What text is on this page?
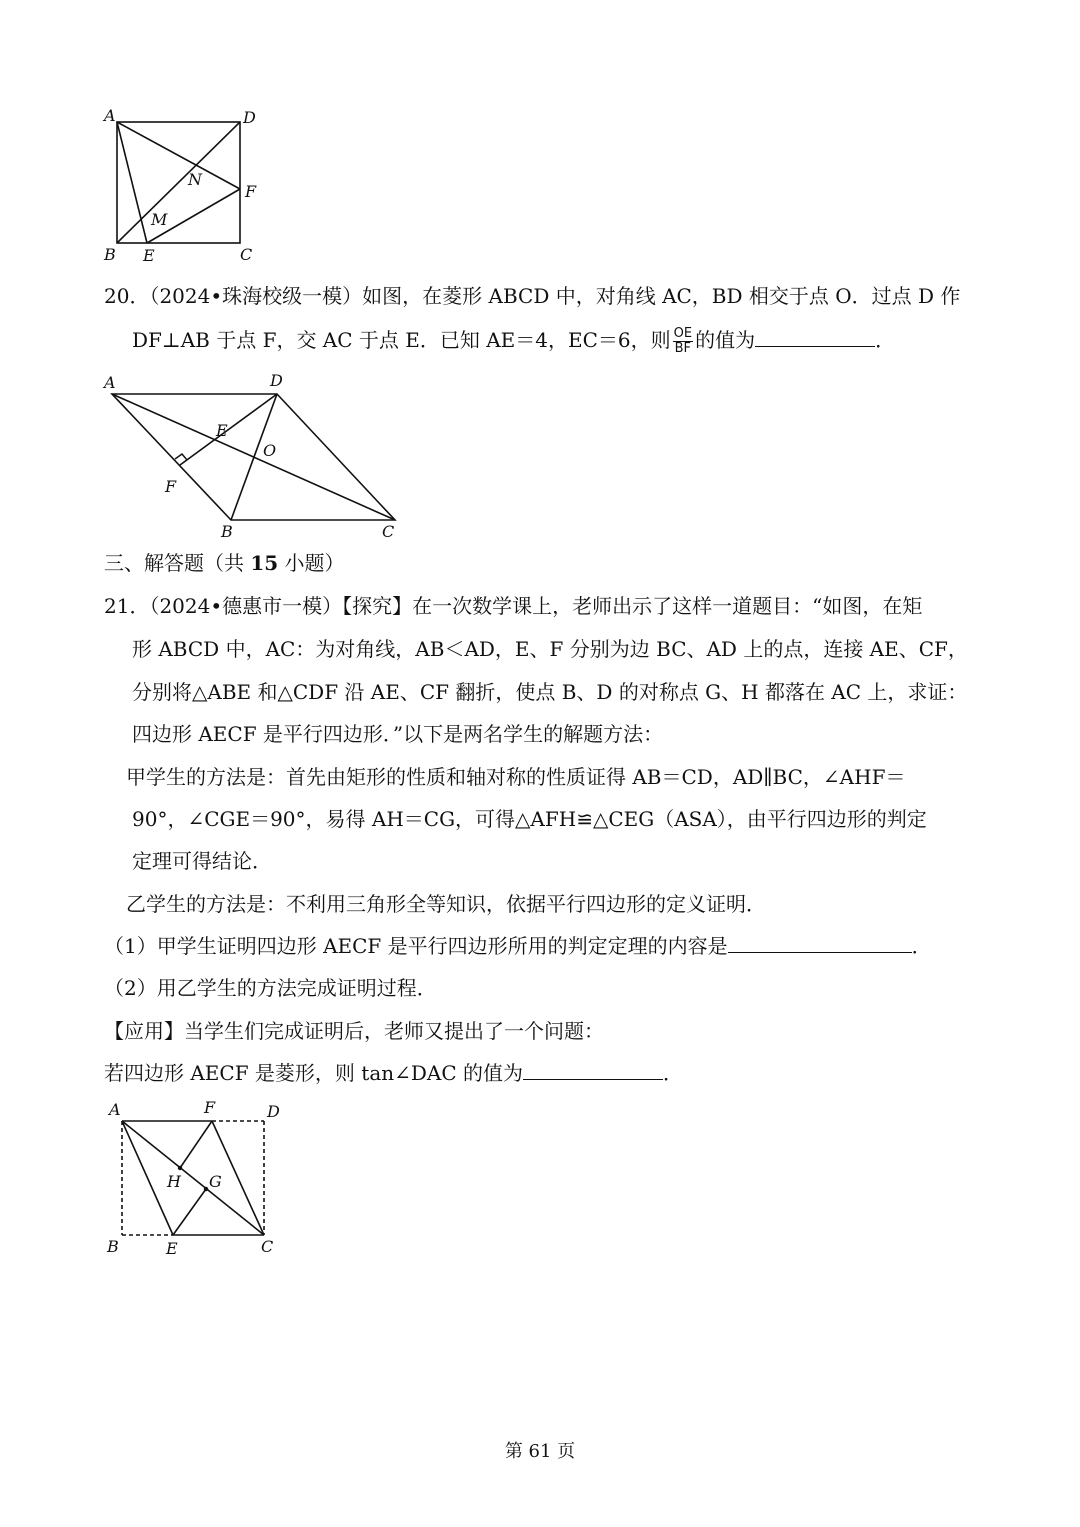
A	D
N
F
M
B E	C
20．（2024•珠海校级一模）如图，在菱形 ABCD 中，对角线 AC，BD 相交于点 O．过点 D 作
DF⊥AB 于点 F，交 AC 于点 E．已知 AE＝4，EC＝6，则 $\frac{OE}{BF}$ 的值为	．
A	D
E
O
F
B	C
三、解答题（共 15 小题）
21．（2024•德惠市一模）【探究】在一次数学课上，老师出示了这样一道题目：“如图，在矩
形 ABCD 中，AC：为对角线，AB＜AD，E、F 分别为边 BC、AD 上的点，连接 AE、CF，
分别将△ABE 和△CDF 沿 AE、CF 翻折，使点 B、D 的对称点 G、H 都落在 AC 上，求证：
四边形 AECF 是平行四边形．”以下是两名学生的解题方法：
甲学生的方法是：首先由矩形的性质和轴对称的性质证得 AB＝CD，AD∥BC，∠AHF＝
90°，∠CGE＝90°，易得 AH＝CG，可得△AFH≌△CEG（ASA），由平行四边形的判定
定理可得结论．
乙学生的方法是：不利用三角形全等知识，依据平行四边形的定义证明．
（1）甲学生证明四边形 AECF 是平行四边形所用的判定定理的内容是	．
（2）用乙学生的方法完成证明过程．
【应用】当学生们完成证明后，老师又提出了一个问题：
若四边形 AECF 是菱形，则 tan∠DAC 的值为	．
A	F	D
H G
B	E	C
第 61 页
